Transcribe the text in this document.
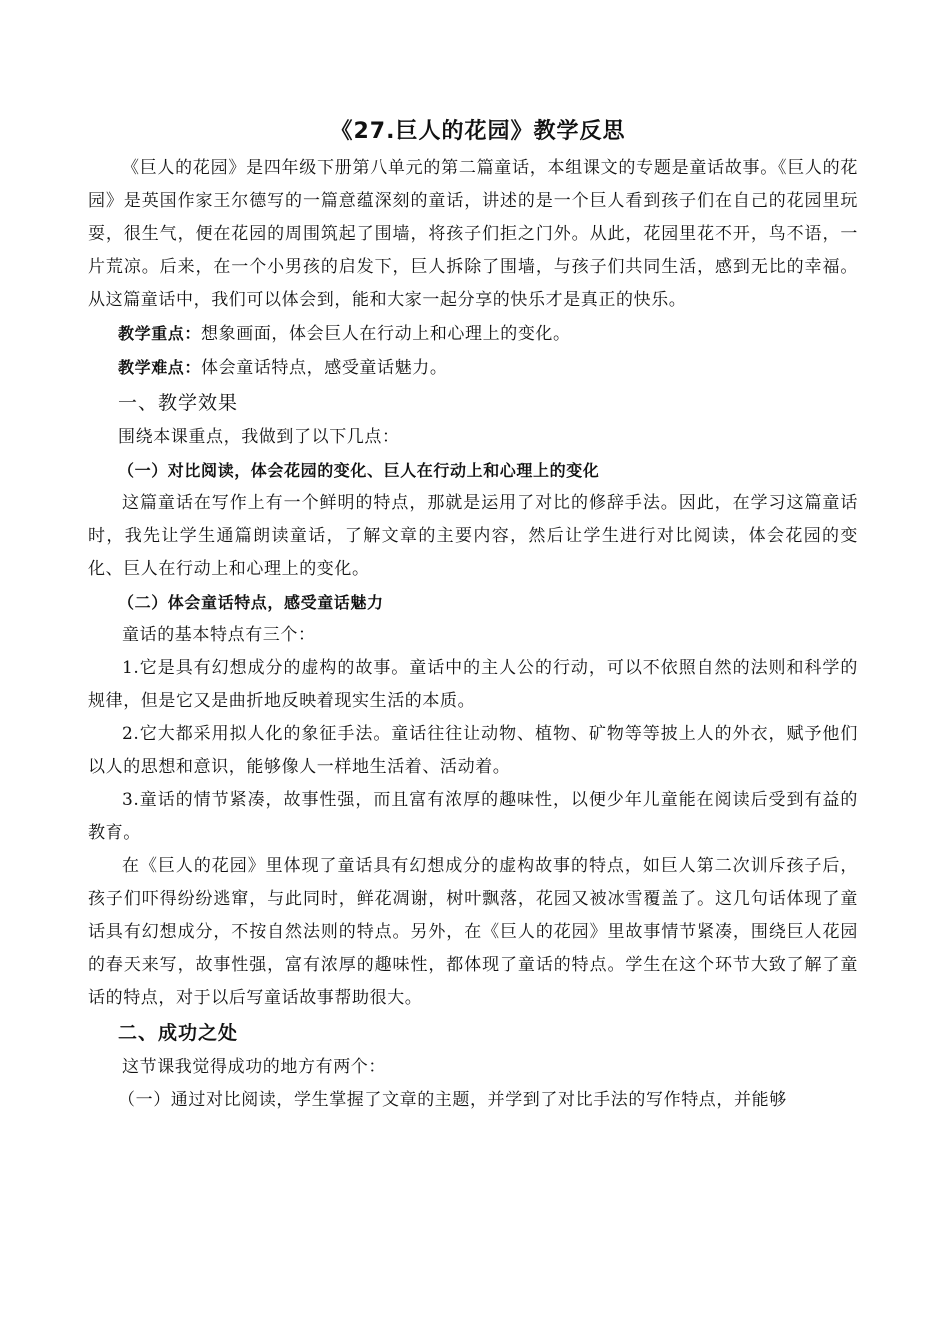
《27.巨人的花园》教学反思

《巨人的花园》是四年级下册第八单元的第二篇童话，本组课文的专题是童话故事。《巨人的花园》是英国作家王尔德写的一篇意蕴深刻的童话，讲述的是一个巨人看到孩子们在自己的花园里玩耍，很生气，便在花园的周围筑起了围墙，将孩子们拒之门外。从此，花园里花不开，鸟不语，一片荒凉。后来，在一个小男孩的启发下，巨人拆除了围墙，与孩子们共同生活，感到无比的幸福。从这篇童话中，我们可以体会到，能和大家一起分享的快乐才是真正的快乐。

教学重点：想象画面，体会巨人在行动上和心理上的变化。

教学难点：体会童话特点，感受童话魅力。

一、教学效果

围绕本课重点，我做到了以下几点：

（一）对比阅读，体会花园的变化、巨人在行动上和心理上的变化

这篇童话在写作上有一个鲜明的特点，那就是运用了对比的修辞手法。因此，在学习这篇童话时，我先让学生通篇朗读童话，了解文章的主要内容，然后让学生进行对比阅读，体会花园的变化、巨人在行动上和心理上的变化。

（二）体会童话特点，感受童话魅力

童话的基本特点有三个：

1.它是具有幻想成分的虚构的故事。童话中的主人公的行动，可以不依照自然的法则和科学的规律，但是它又是曲折地反映着现实生活的本质。

2.它大都采用拟人化的象征手法。童话往往让动物、植物、矿物等等披上人的外衣，赋予他们以人的思想和意识，能够像人一样地生活着、活动着。

3.童话的情节紧凑，故事性强，而且富有浓厚的趣味性，以便少年儿童能在阅读后受到有益的教育。

在《巨人的花园》里体现了童话具有幻想成分的虚构故事的特点，如巨人第二次训斥孩子后，孩子们吓得纷纷逃窜，与此同时，鲜花凋谢，树叶飘落，花园又被冰雪覆盖了。这几句话体现了童话具有幻想成分，不按自然法则的特点。另外，在《巨人的花园》里故事情节紧凑，围绕巨人花园的春天来写，故事性强，富有浓厚的趣味性，都体现了童话的特点。学生在这个环节大致了解了童话的特点，对于以后写童话故事帮助很大。

二、成功之处

这节课我觉得成功的地方有两个：

（一）通过对比阅读，学生掌握了文章的主题，并学到了对比手法的写作特点，并能够
